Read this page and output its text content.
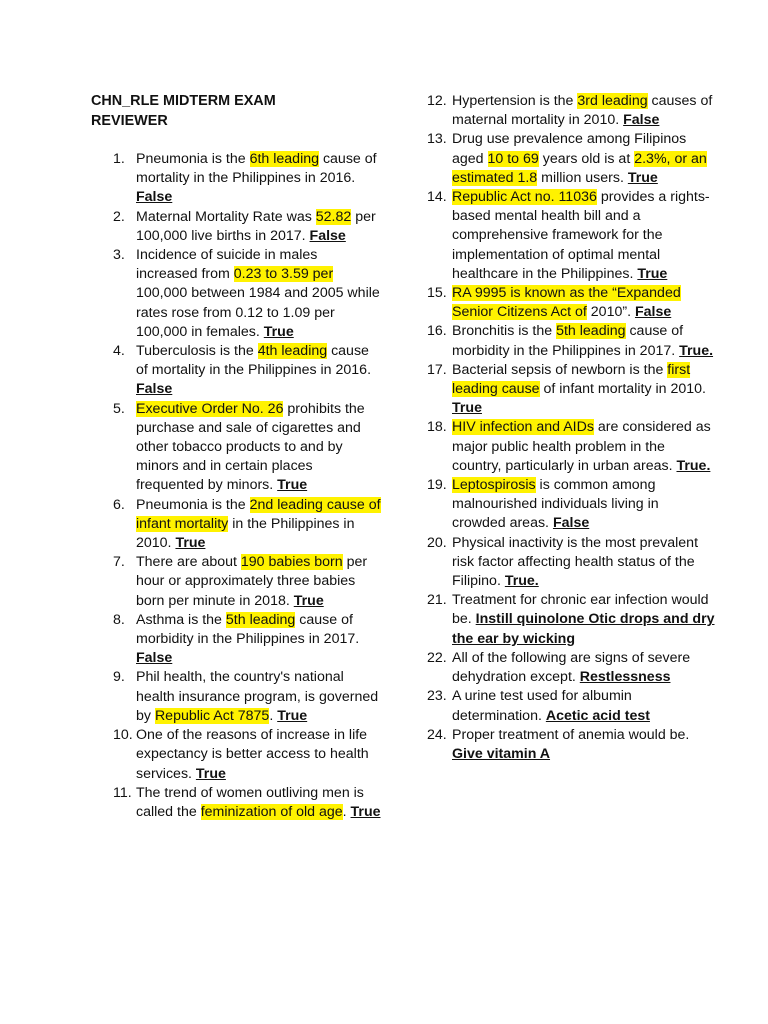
CHN_RLE MIDTERM EXAM
REVIEWER
1. Pneumonia is the 6th leading cause of mortality in the Philippines in 2016. False
2. Maternal Mortality Rate was 52.82 per 100,000 live births in 2017. False
3. Incidence of suicide in males increased from 0.23 to 3.59 per 100,000 between 1984 and 2005 while rates rose from 0.12 to 1.09 per 100,000 in females. True
4. Tuberculosis is the 4th leading cause of mortality in the Philippines in 2016. False
5. Executive Order No. 26 prohibits the purchase and sale of cigarettes and other tobacco products to and by minors and in certain places frequented by minors. True
6. Pneumonia is the 2nd leading cause of infant mortality in the Philippines in 2010. True
7. There are about 190 babies born per hour or approximately three babies born per minute in 2018. True
8. Asthma is the 5th leading cause of morbidity in the Philippines in 2017. False
9. Phil health, the country's national health insurance program, is governed by Republic Act 7875. True
10. One of the reasons of increase in life expectancy is better access to health services. True
11. The trend of women outliving men is called the feminization of old age. True
12. Hypertension is the 3rd leading causes of maternal mortality in 2010. False
13. Drug use prevalence among Filipinos aged 10 to 69 years old is at 2.3%, or an estimated 1.8 million users. True
14. Republic Act no. 11036 provides a rights-based mental health bill and a comprehensive framework for the implementation of optimal mental healthcare in the Philippines. True
15. RA 9995 is known as the “Expanded Senior Citizens Act of 2010”. False
16. Bronchitis is the 5th leading cause of morbidity in the Philippines in 2017. True.
17. Bacterial sepsis of newborn is the first leading cause of infant mortality in 2010. True
18. HIV infection and AIDs are considered as major public health problem in the country, particularly in urban areas. True.
19. Leptospirosis is common among malnourished individuals living in crowded areas. False
20. Physical inactivity is the most prevalent risk factor affecting health status of the Filipino. True.
21. Treatment for chronic ear infection would be. Instill quinolone Otic drops and dry the ear by wicking
22. All of the following are signs of severe dehydration except. Restlessness
23. A urine test used for albumin determination. Acetic acid test
24. Proper treatment of anemia would be. Give vitamin A
